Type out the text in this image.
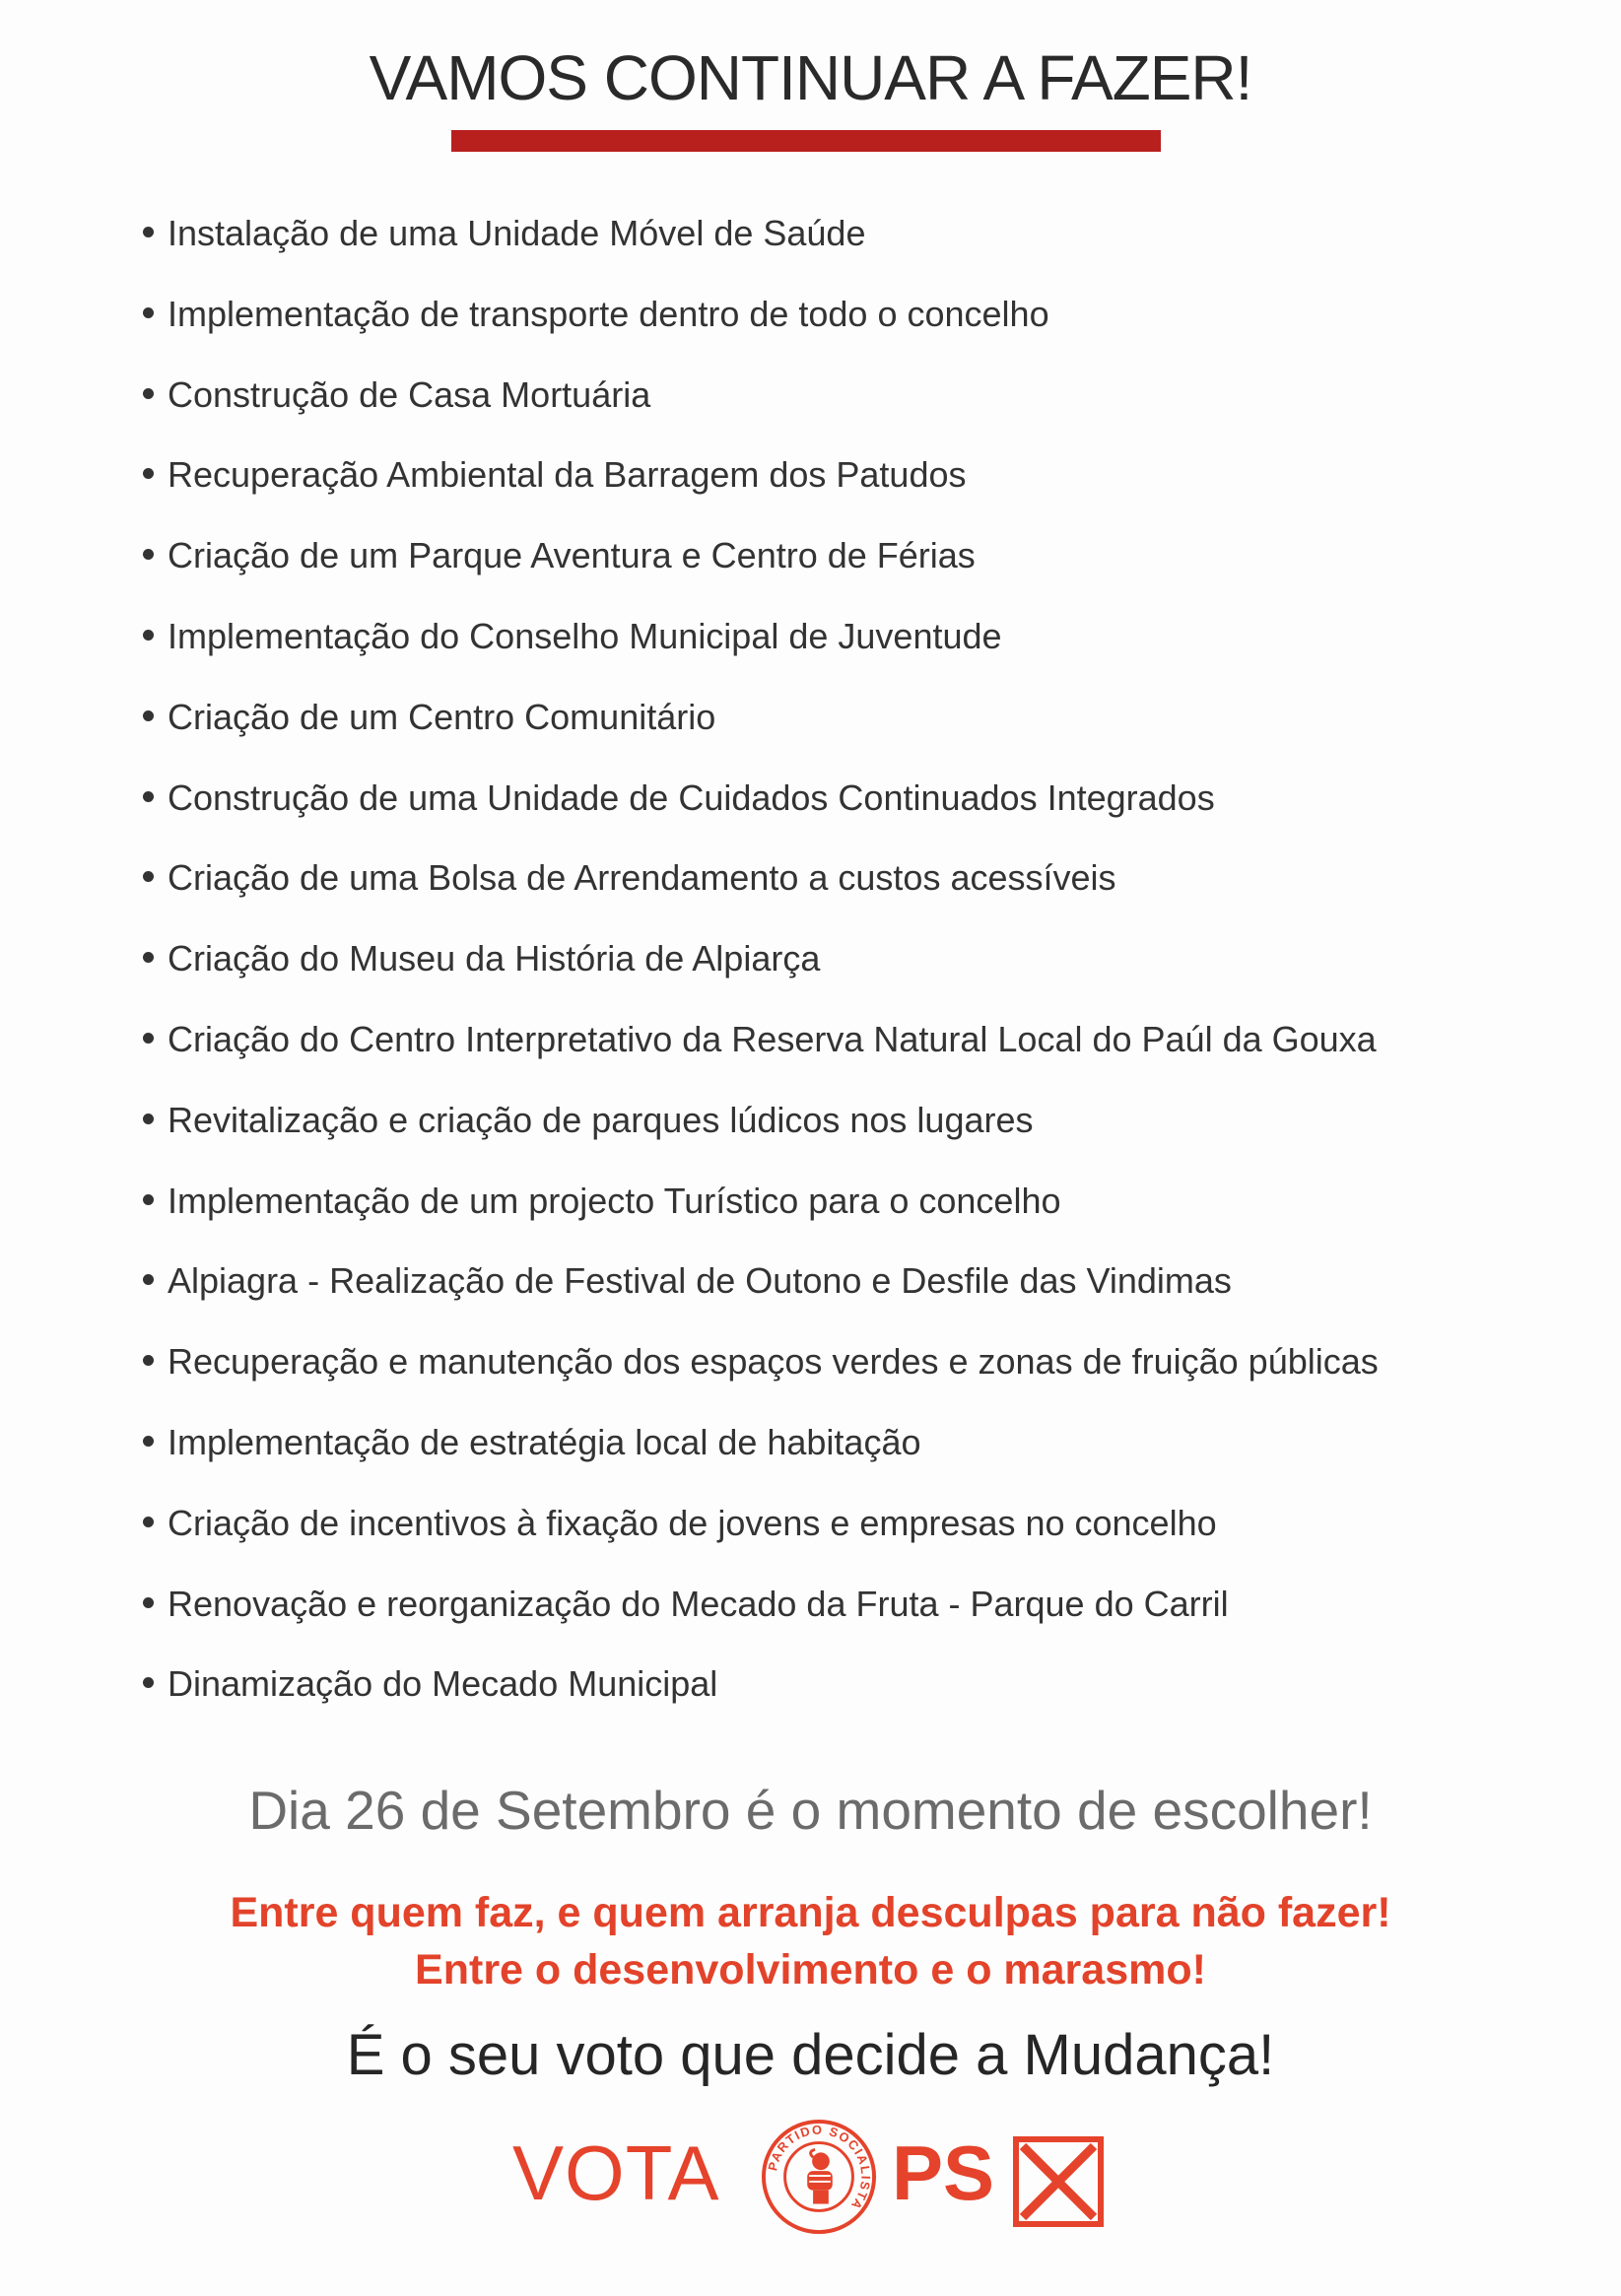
VAMOS CONTINUAR A FAZER!
Instalação de uma Unidade Móvel de Saúde
Implementação de transporte dentro de todo o concelho
Construção de Casa Mortuária
Recuperação Ambiental da Barragem dos Patudos
Criação de um Parque Aventura e Centro de Férias
Implementação do Conselho Municipal de Juventude
Criação de um Centro Comunitário
Construção de uma Unidade de Cuidados Continuados Integrados
Criação de uma Bolsa de Arrendamento a custos acessíveis
Criação do Museu da História de Alpiarça
Criação do Centro Interpretativo da Reserva Natural Local do Paúl da Gouxa
Revitalização e criação de parques lúdicos nos lugares
Implementação de um projecto Turístico para o concelho
Alpiagra - Realização de Festival de Outono e Desfile das Vindimas
Recuperação e manutenção dos espaços verdes e zonas de fruição públicas
Implementação de estratégia local de habitação
Criação de incentivos à fixação de jovens e empresas no concelho
Renovação e reorganização do Mecado da Fruta - Parque do Carril
Dinamização do Mecado Municipal

Dia 26 de Setembro é o momento de escolher!

Entre quem faz, e quem arranja desculpas para não fazer!

Entre o desenvolvimento e o marasmo!

É o seu voto que decide a Mudança!

VOTA	PARTIDO SOCIALISTA PS
